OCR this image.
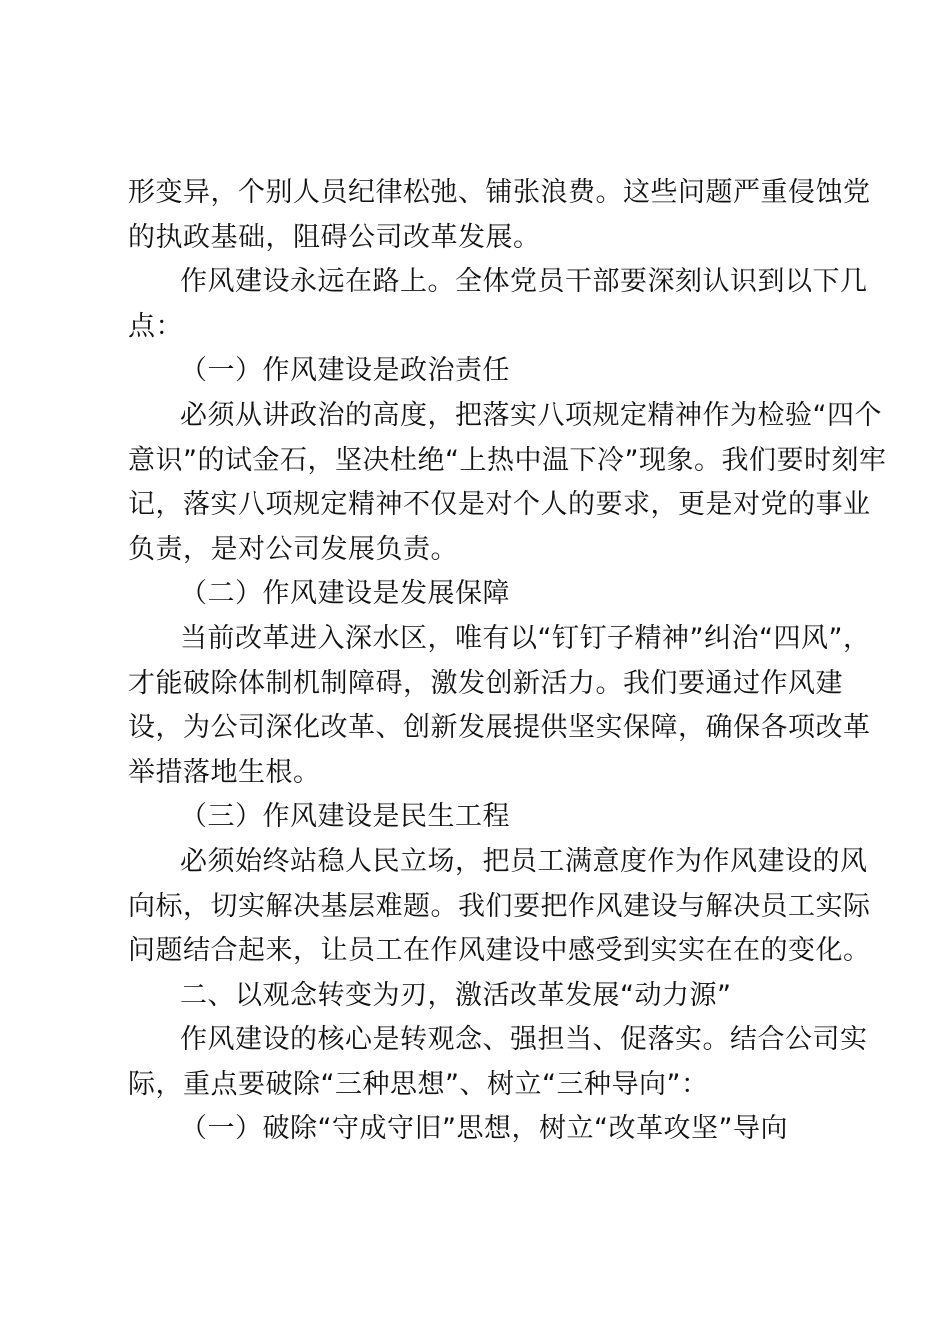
形变异，个别人员纪律松弛、铺张浪费。这些问题严重侵蚀党
的执政基础，阻碍公司改革发展。
作风建设永远在路上。全体党员干部要深刻认识到以下几
点：
（一）作风建设是政治责任
必须从讲政治的高度，把落实八项规定精神作为检验“四个
意识”的试金石，坚决杜绝“上热中温下冷”现象。我们要时刻牢
记，落实八项规定精神不仅是对个人的要求，更是对党的事业
负责，是对公司发展负责。
（二）作风建设是发展保障
当前改革进入深水区，唯有以“钉钉子精神”纠治“四风”，
才能破除体制机制障碍，激发创新活力。我们要通过作风建
设，为公司深化改革、创新发展提供坚实保障，确保各项改革
举措落地生根。
（三）作风建设是民生工程
必须始终站稳人民立场，把员工满意度作为作风建设的风
向标，切实解决基层难题。我们要把作风建设与解决员工实际
问题结合起来，让员工在作风建设中感受到实实在在的变化。
二、以观念转变为刃，激活改革发展“动力源”
作风建设的核心是转观念、强担当、促落实。结合公司实
际，重点要破除“三种思想”、树立“三种导向”：
（一）破除“守成守旧”思想，树立“改革攻坚”导向
